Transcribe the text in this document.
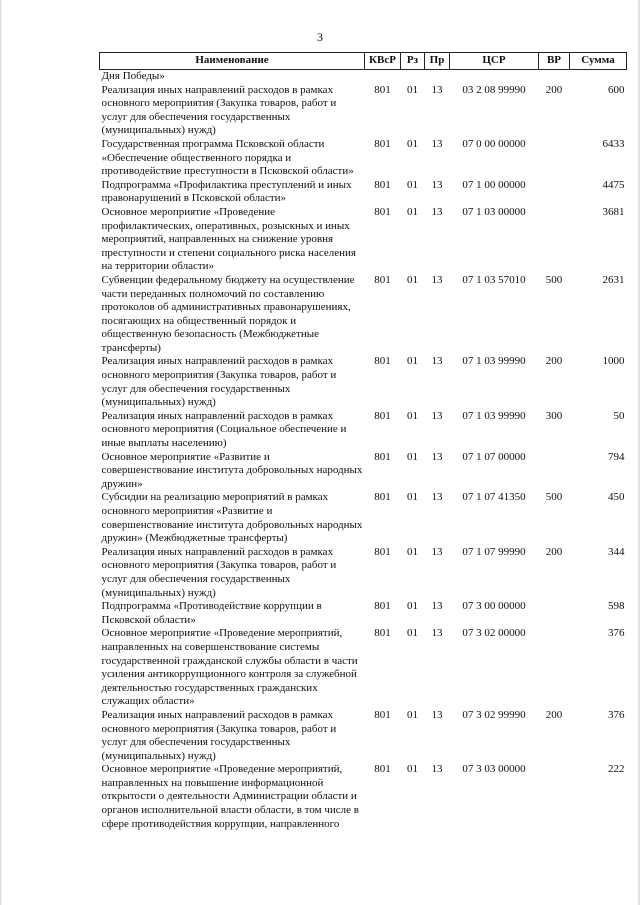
3
Наименование	КВсР	Рз	Пр	ЦСР	ВР	Сумма
Дня Победы»						
Реализация иных направлений расходов в рамках основного мероприятия (Закупка товаров, работ и услуг для обеспечения государственных (муниципальных) нужд)	801	01	13	03 2 08 99990	200	600
Государственная программа Псковской области «Обеспечение общественного порядка и противодействие преступности в Псковской области»	801	01	13	07 0 00 00000		6433
Подпрограмма «Профилактика преступлений и иных правонарушений в Псковской области»	801	01	13	07 1 00 00000		4475
Основное мероприятие «Проведение профилактических, оперативных, розыскных и иных мероприятий, направленных на снижение уровня преступности и степени социального риска населения на территории области»	801	01	13	07 1 03 00000		3681
Субвенции федеральному бюджету на осуществление части переданных полномочий по составлению протоколов об административных правонарушениях, посягающих на общественный порядок и общественную безопасность (Межбюджетные трансферты)	801	01	13	07 1 03 57010	500	2631
Реализация иных направлений расходов в рамках основного мероприятия (Закупка товаров, работ и услуг для обеспечения государственных (муниципальных) нужд)	801	01	13	07 1 03 99990	200	1000
Реализация иных направлений расходов в рамках основного мероприятия (Социальное обеспечение и иные выплаты населению)	801	01	13	07 1 03 99990	300	50
Основное мероприятие «Развитие и совершенствование института добровольных народных дружин»	801	01	13	07 1 07 00000		794
Субсидии на реализацию мероприятий в рамках основного мероприятия «Развитие и совершенствование института добровольных народных дружин» (Межбюджетные трансферты)	801	01	13	07 1 07 41350	500	450
Реализация иных направлений расходов в рамках основного мероприятия (Закупка товаров, работ и услуг для обеспечения государственных (муниципальных) нужд)	801	01	13	07 1 07 99990	200	344
Подпрограмма «Противодействие коррупции в Псковской области»	801	01	13	07 3 00 00000		598
Основное мероприятие «Проведение мероприятий, направленных на совершенствование системы государственной гражданской службы области в части усиления антикоррупционного контроля за служебной деятельностью государственных гражданских служащих области»	801	01	13	07 3 02 00000		376
Реализация иных направлений расходов в рамках основного мероприятия (Закупка товаров, работ и услуг для обеспечения государственных (муниципальных) нужд)	801	01	13	07 3 02 99990	200	376
Основное мероприятие «Проведение мероприятий, направленных на повышение информационной открытости о деятельности Администрации области и органов исполнительной власти области, в том числе в сфере противодействия коррупции, направленного	801	01	13	07 3 03 00000		222
